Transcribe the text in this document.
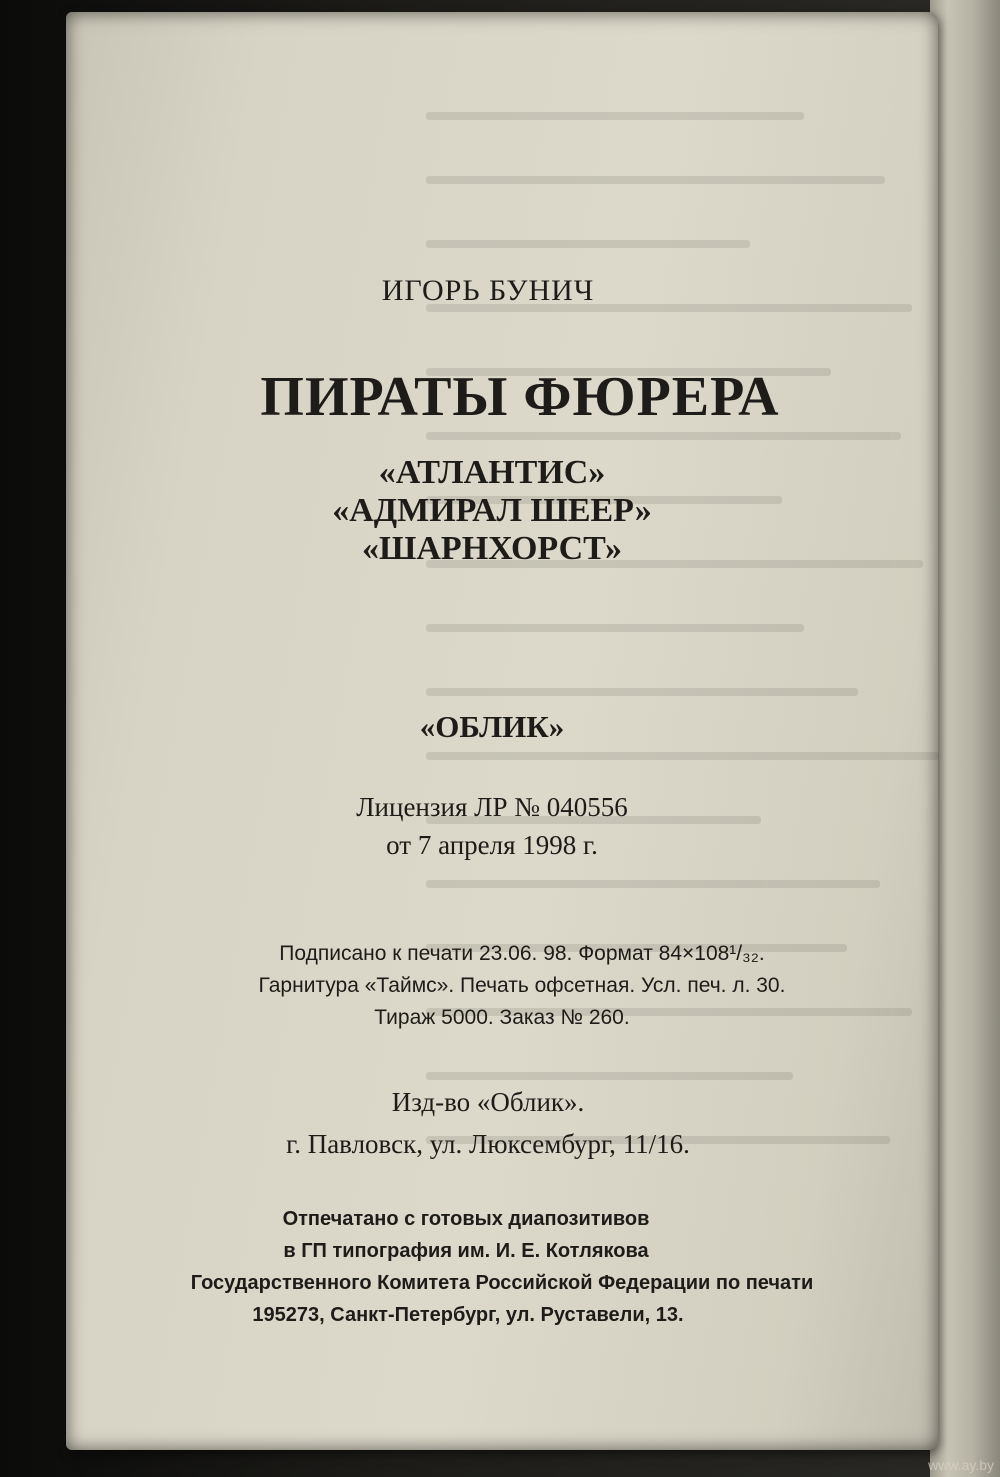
ИГОРЬ БУНИЧ
ПИРАТЫ ФЮРЕРА
«АТЛАНТИС»
«АДМИРАЛ ШЕЕР»
«ШАРНХОРСТ»
«ОБЛИК»
Лицензия ЛР № 040556
от 7 апреля 1998 г.
Подписано к печати 23.06. 98. Формат 84×108¹/₃₂.
Гарнитура «Таймс». Печать офсетная. Усл. печ. л. 30.
Тираж 5000. Заказ № 260.
Изд-во «Облик».
г. Павловск, ул. Люксембург, 11/16.
Отпечатано с готовых диапозитивов
в ГП типография им. И. Е. Котлякова
Государственного Комитета Российской Федерации по печати
195273, Санкт-Петербург, ул. Руставели, 13.
www.ay.by
